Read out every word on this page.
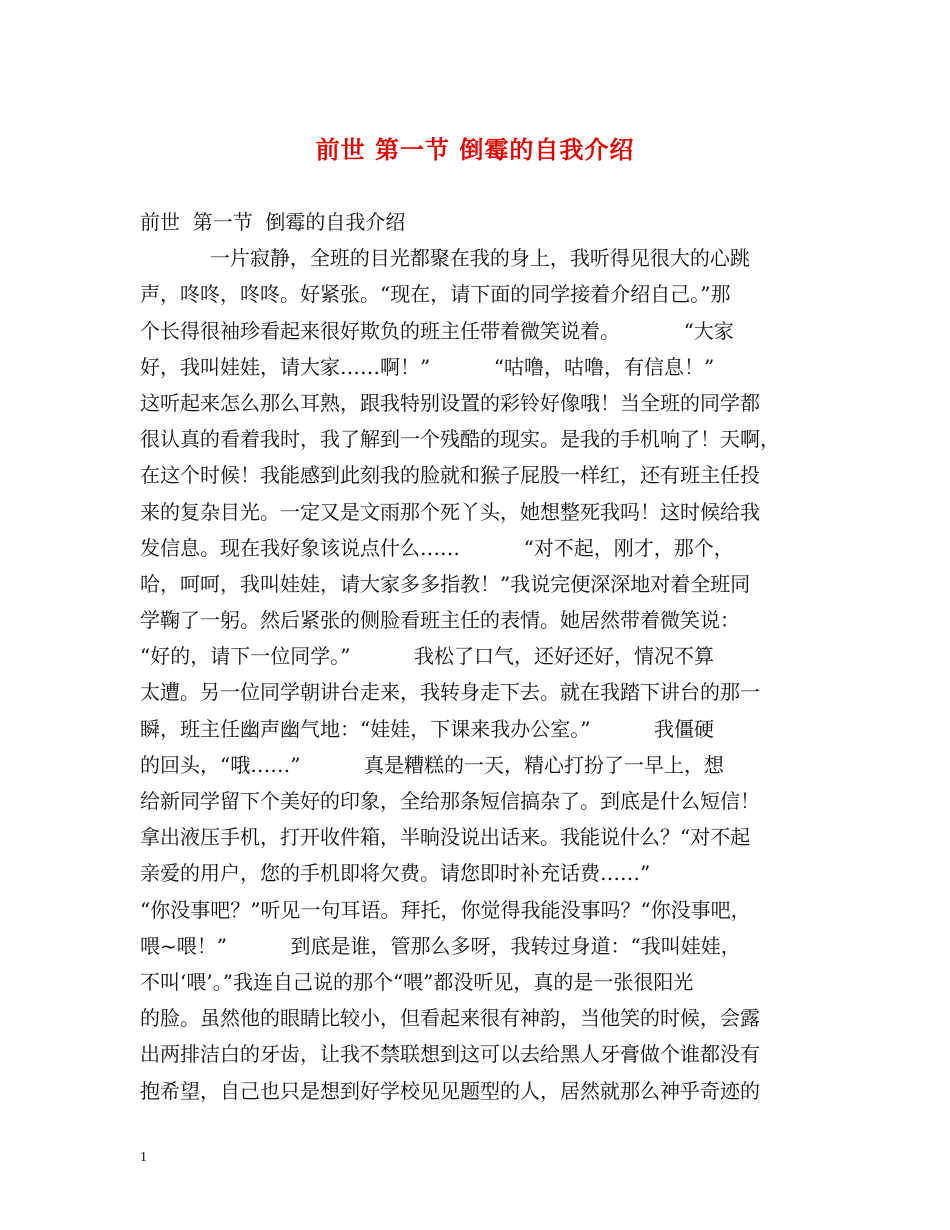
前世 第一节 倒霉的自我介绍
前世  第一节  倒霉的自我介绍
一片寂静，全班的目光都聚在我的身上，我听得见很大的心跳
声，咚咚，咚咚。好紧张。“现在，请下面的同学接着介绍自己。”那
个长得很袖珍看起来很好欺负的班主任带着微笑说着。          “大家
好，我叫娃娃，请大家……啊！”          “咕噜，咕噜，有信息！”
这听起来怎么那么耳熟，跟我特别设置的彩铃好像哦！当全班的同学都
很认真的看着我时，我了解到一个残酷的现实。是我的手机响了！天啊，
在这个时候！我能感到此刻我的脸就和猴子屁股一样红，还有班主任投
来的复杂目光。一定又是文雨那个死丫头，她想整死我吗！这时候给我
发信息。现在我好象该说点什么……          “对不起，刚才，那个，
哈，呵呵，我叫娃娃，请大家多多指教！”我说完便深深地对着全班同
学鞠了一躬。然后紧张的侧脸看班主任的表情。她居然带着微笑说：
“好的，请下一位同学。”          我松了口气，还好还好，情况不算
太遭。另一位同学朝讲台走来，我转身走下去。就在我踏下讲台的那一
瞬，班主任幽声幽气地：“娃娃，下课来我办公室。”          我僵硬
的回头，“哦……”          真是糟糕的一天，精心打扮了一早上，想
给新同学留下个美好的印象，全给那条短信搞杂了。到底是什么短信！
拿出液压手机，打开收件箱，半晌没说出话来。我能说什么？“对不起
亲爱的用户，您的手机即将欠费。请您即时补充话费……”
“你没事吧？”听见一句耳语。拜托，你觉得我能没事吗？“你没事吧，
喂~喂！”          到底是谁，管那么多呀，我转过身道：“我叫娃娃，
不叫‘喂’。”我连自己说的那个“喂”都没听见，真的是一张很阳光
的脸。虽然他的眼睛比较小，但看起来很有神韵，当他笑的时候，会露
出两排洁白的牙齿，让我不禁联想到这可以去给黑人牙膏做个谁都没有
抱希望，自己也只是想到好学校见见题型的人，居然就那么神乎奇迹的
1
